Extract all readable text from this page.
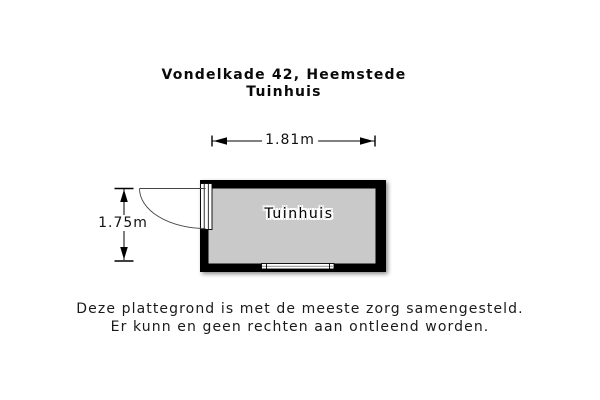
Vondelkade 42, Heemstede
Tuinhuis
1.81m
1.75m
Tuinhuis
Deze plattegrond is met de meeste zorg samengesteld.
Er kunn en geen rechten aan ontleend worden.
